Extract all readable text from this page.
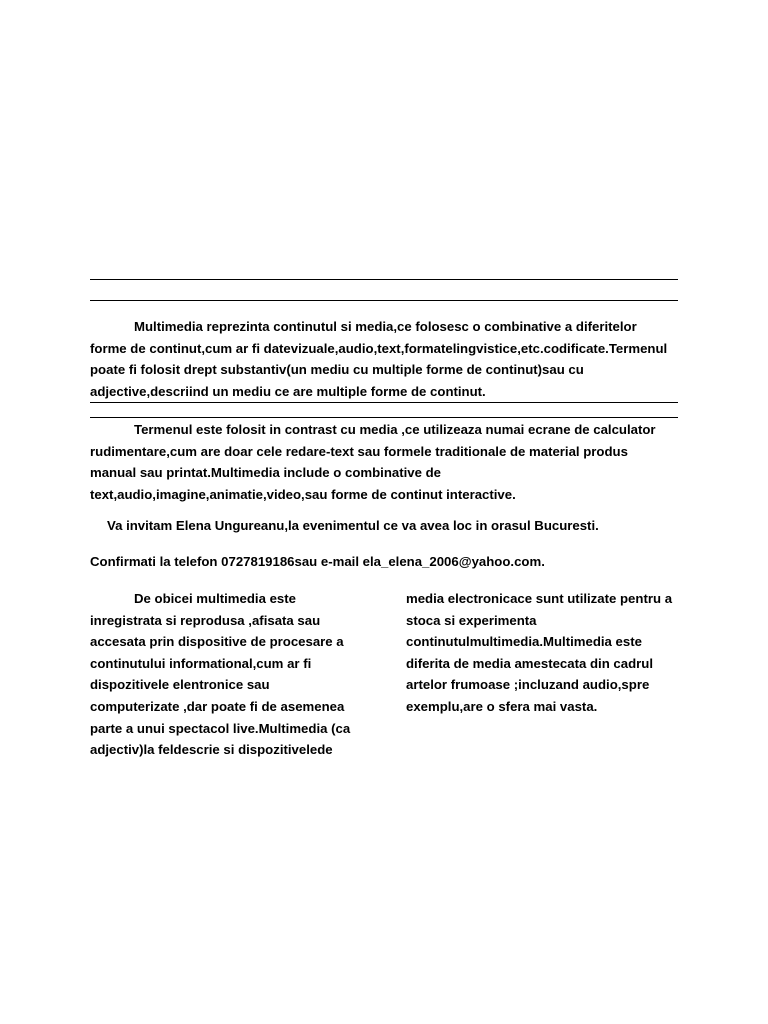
Multimedia reprezinta continutul si media,ce folosesc o combinative a diferitelor
forme de continut,cum ar fi datevizuale,audio,text,formatelingvistice,etc.codificate.Termenul
poate fi folosit drept substantiv(un mediu cu multiple forme de continut)sau cu
adjective,descriind un mediu ce are multiple forme de continut.
Termenul este folosit in contrast cu media ,ce utilizeaza numai ecrane de calculator
rudimentare,cum are doar cele redare-text sau formele traditionale de material produs
manual sau printat.Multimedia include o combinative de
text,audio,imagine,animatie,video,sau forme de continut interactive.
Va invitam Elena Ungureanu,la evenimentul ce va avea loc in orasul Bucuresti.
Confirmati la telefon 0727819186sau e-mail ela_elena_2006@yahoo.com.
De obicei multimedia este
inregistrata si reprodusa ,afisata sau
accesata prin dispositive de procesare a
continutului informational,cum ar fi
dispozitivele elentronice sau
computerizate ,dar poate fi de asemenea
parte a unui spectacol live.Multimedia (ca
adjectiv)la feldescrie si dispozitivelede
media electronicace sunt utilizate pentru a
stoca si experimenta
continutulmultimedia.Multimedia este
diferita de media amestecata din cadrul
artelor frumoase ;incluzand audio,spre
exemplu,are o sfera mai vasta.
